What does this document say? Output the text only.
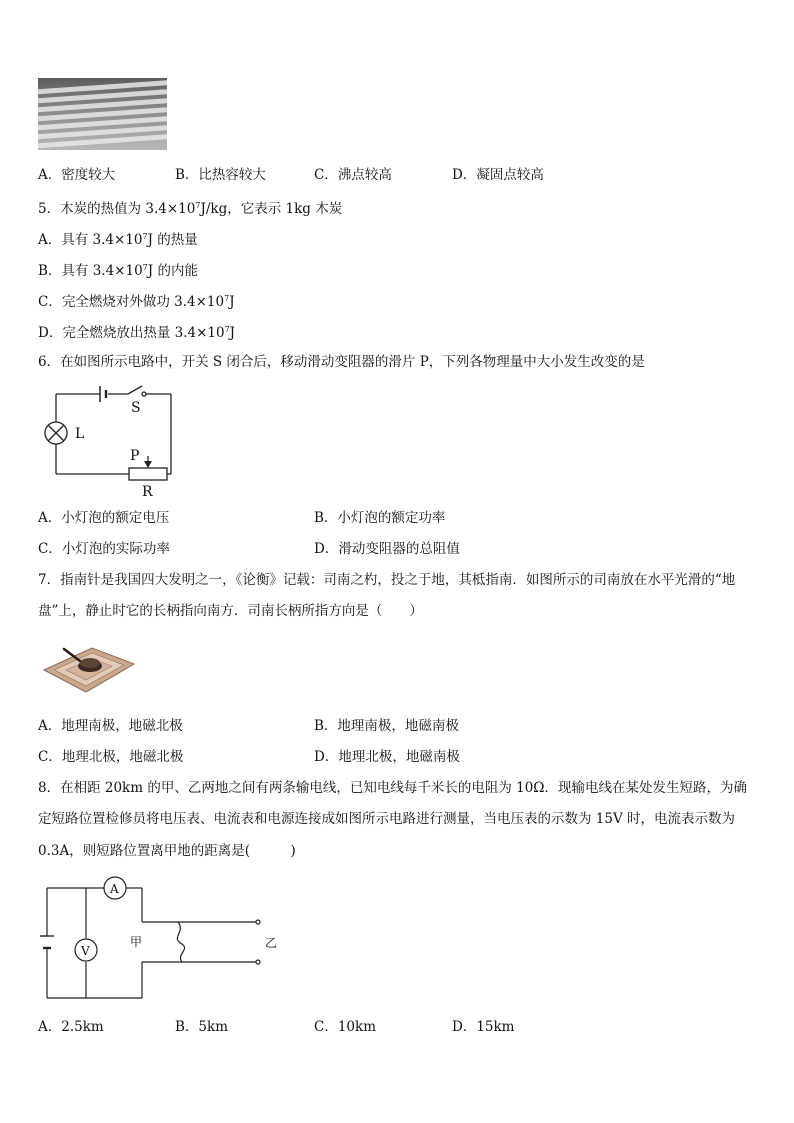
A．密度较大	B．比热容较大	C．沸点较高	D．凝固点较高
5．木炭的热值为 $3.4\times 10^7J/kg$，它表示 1kg 木炭
A．具有 $3.4\times 10^7J$ 的热量
B．具有 $3.4\times 10^7J$ 的内能
C．完全燃烧对外做功 $3.4\times 10^7J$
D．完全燃烧放出热量 $3.4\times 10^7J$
6．在如图所示电路中，开关 S 闭合后，移动滑动变阻器的滑片 P，下列各物理量中大小发生改变的是
S
L
P
R
A．小灯泡的额定电压	B．小灯泡的额定功率
C．小灯泡的实际功率	D．滑动变阻器的总阻值
7．指南针是我国四大发明之一，《论衡》记载：司南之杓，投之于地，其柢指南．如图所示的司南放在水平光滑的“地
盘”上，静止时它的长柄指向南方．司南长柄所指方向是（　　）
A．地理南极，地磁北极	B．地理南极，地磁南极
C．地理北极，地磁北极	D．地理北极，地磁南极
8．在相距 20km 的甲、乙两地之间有两条输电线，已知电线每千米长的电阻为 10Ω．现输电线在某处发生短路，为确
定短路位置检修员将电压表、电流表和电源连接成如图所示电路进行测量，当电压表的示数为 15V 时，电流表示数为
0.3A，则短路位置离甲地的距离是(　　　)
A
V
甲	乙
A．2.5km	B．5km	C．10km	D．15km
